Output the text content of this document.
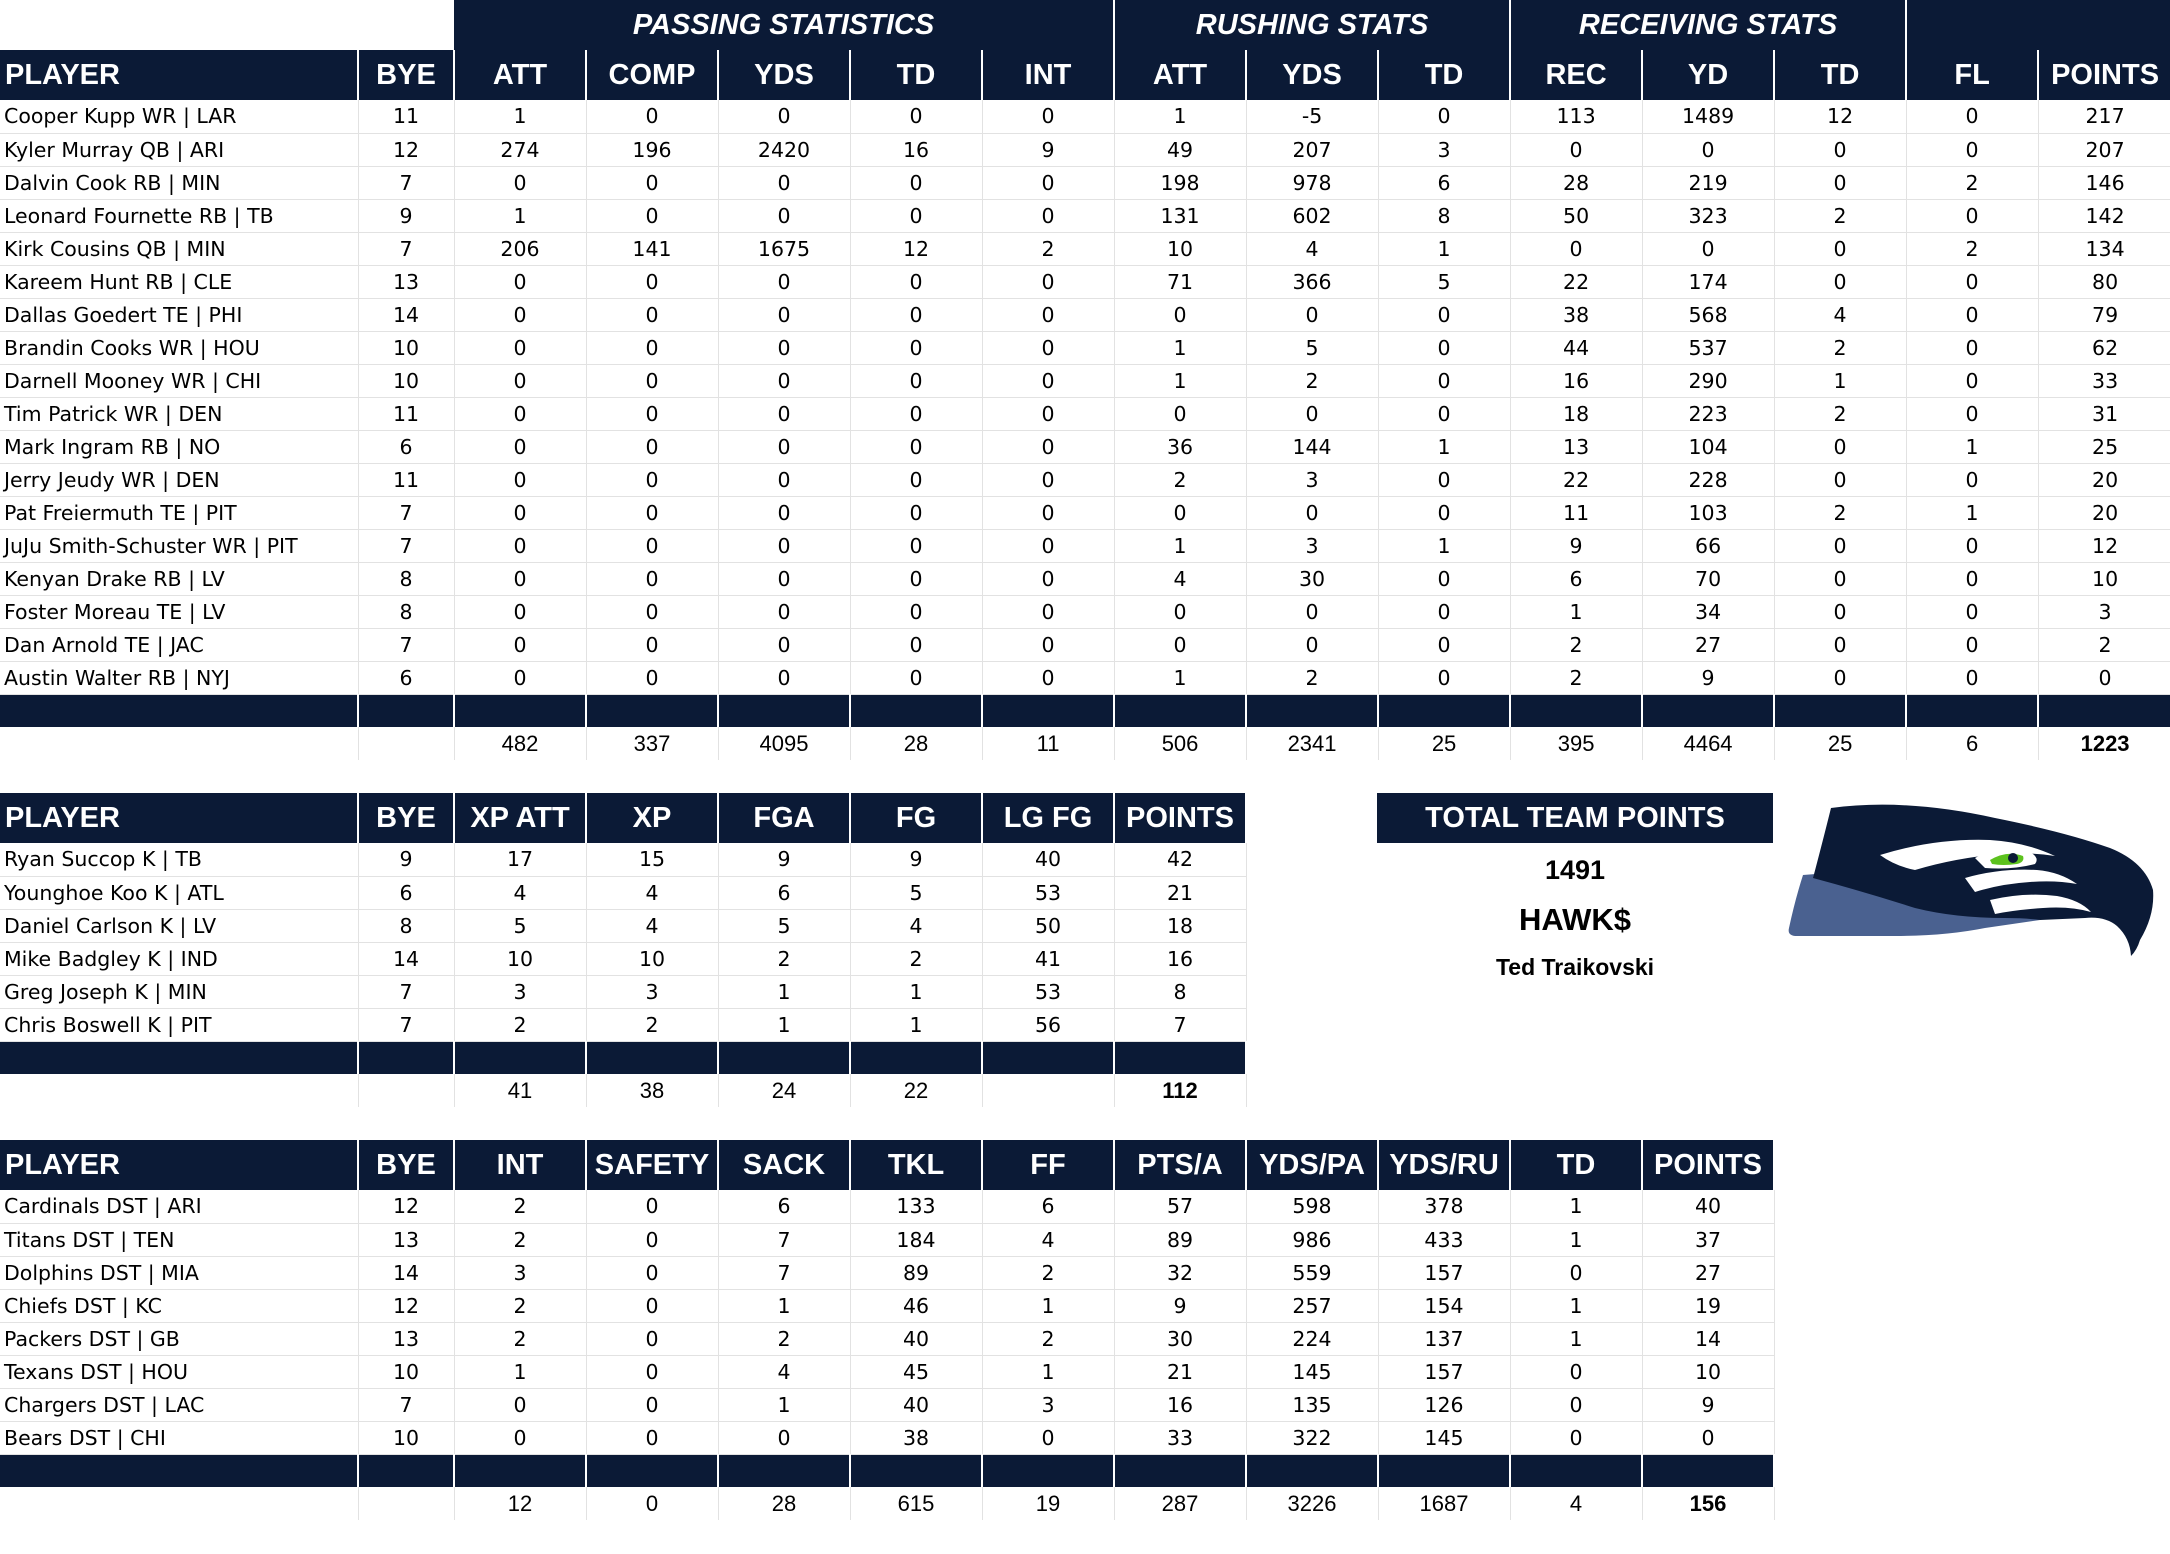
		PASSING STATISTICS					RUSHING STATS			RECEIVING STATS				
PLAYER	BYE	ATT	COMP	YDS	TD	INT	ATT	YDS	TD	REC	YD	TD	FL	POINTS
Cooper Kupp WR | LAR	11	1	0	0	0	0	1	-5	0	113	1489	12	0	217
Kyler Murray QB | ARI	12	274	196	2420	16	9	49	207	3	0	0	0	0	207
Dalvin Cook RB | MIN	7	0	0	0	0	0	198	978	6	28	219	0	2	146
Leonard Fournette RB | TB	9	1	0	0	0	0	131	602	8	50	323	2	0	142
Kirk Cousins QB | MIN	7	206	141	1675	12	2	10	4	1	0	0	0	2	134
Kareem Hunt RB | CLE	13	0	0	0	0	0	71	366	5	22	174	0	0	80
Dallas Goedert TE | PHI	14	0	0	0	0	0	0	0	0	38	568	4	0	79
Brandin Cooks WR | HOU	10	0	0	0	0	0	1	5	0	44	537	2	0	62
Darnell Mooney WR | CHI	10	0	0	0	0	0	1	2	0	16	290	1	0	33
Tim Patrick WR | DEN	11	0	0	0	0	0	0	0	0	18	223	2	0	31
Mark Ingram RB | NO	6	0	0	0	0	0	36	144	1	13	104	0	1	25
Jerry Jeudy WR | DEN	11	0	0	0	0	0	2	3	0	22	228	0	0	20
Pat Freiermuth TE | PIT	7	0	0	0	0	0	0	0	0	11	103	2	1	20
JuJu Smith-Schuster WR | PIT	7	0	0	0	0	0	1	3	1	9	66	0	0	12
Kenyan Drake RB | LV	8	0	0	0	0	0	4	30	0	6	70	0	0	10
Foster Moreau TE | LV	8	0	0	0	0	0	0	0	0	1	34	0	0	3
Dan Arnold TE | JAC	7	0	0	0	0	0	0	0	0	2	27	0	0	2
Austin Walter RB | NYJ	6	0	0	0	0	0	1	2	0	2	9	0	0	0

		482	337	4095	28	11	506	2341	25	395	4464	25	6	1223
PLAYER	BYE	XP ATT	XP	FGA	FG	LG FG	POINTS
Ryan Succop K | TB	9	17	15	9	9	40	42
Younghoe Koo K | ATL	6	4	4	6	5	53	21
Daniel Carlson K | LV	8	5	4	5	4	50	18
Mike Badgley K | IND	14	10	10	2	2	41	16
Greg Joseph K | MIN	7	3	3	1	1	53	8
Chris Boswell K | PIT	7	2	2	1	1	56	7

		41	38	24	22		112
PLAYER	BYE	INT	SAFETY	SACK	TKL	FF	PTS/A	YDS/PA	YDS/RU	TD	POINTS
Cardinals DST | ARI	12	2	0	6	133	6	57	598	378	1	40
Titans DST | TEN	13	2	0	7	184	4	89	986	433	1	37
Dolphins DST | MIA	14	3	0	7	89	2	32	559	157	0	27
Chiefs DST | KC	12	2	0	1	46	1	9	257	154	1	19
Packers DST | GB	13	2	0	2	40	2	30	224	137	1	14
Texans DST | HOU	10	1	0	4	45	1	21	145	157	0	10
Chargers DST | LAC	7	0	0	1	40	3	16	135	126	0	9
Bears DST | CHI	10	0	0	0	38	0	33	322	145	0	0

		12	0	28	615	19	287	3226	1687	4	156
TOTAL TEAM POINTS
1491
HAWK$
Ted Traikovski
